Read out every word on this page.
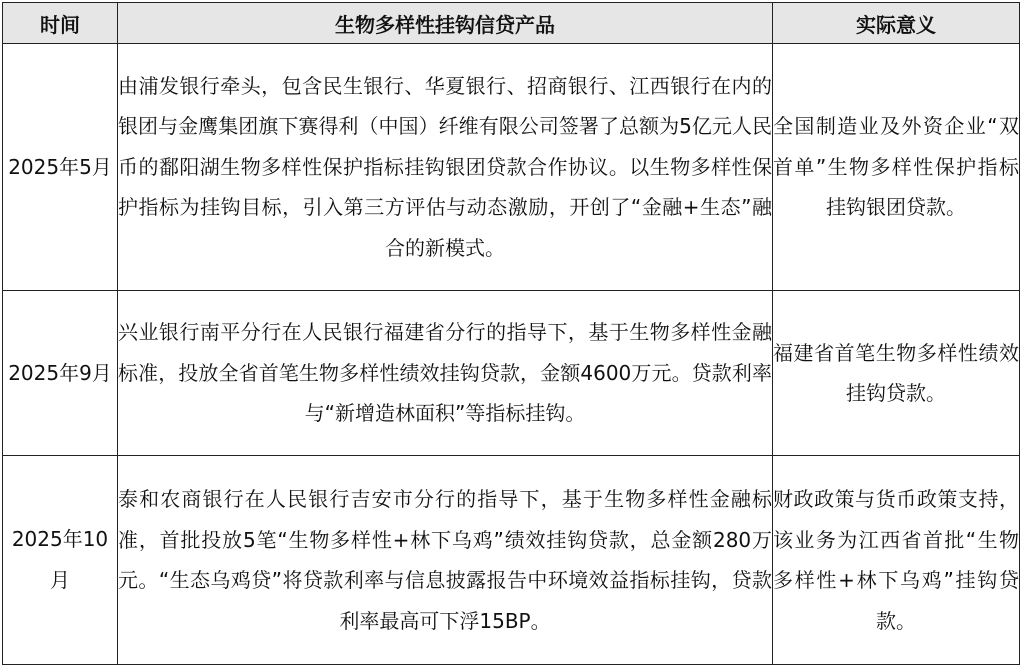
时间	生物多样性挂钩信贷产品	实际意义
2025年5月	由浦发银行牵头，包含民生银行、华夏银行、招商银行、江西银行在内的银团与金鹰集团旗下赛得利（中国）纤维有限公司签署了总额为5亿元人民币的鄱阳湖生物多样性保护指标挂钩银团贷款合作协议。以生物多样性保护指标为挂钩目标，引入第三方评估与动态激励，开创了“金融+生态”融合的新模式。	全国制造业及外资企业“双首单”生物多样性保护指标挂钩银团贷款。
2025年9月	兴业银行南平分行在人民银行福建省分行的指导下，基于生物多样性金融标准，投放全省首笔生物多样性绩效挂钩贷款，金额4600万元。贷款利率与“新增造林面积”等指标挂钩。	福建省首笔生物多样性绩效挂钩贷款。
2025年10月	泰和农商银行在人民银行吉安市分行的指导下，基于生物多样性金融标 准，首批投放5笔“生物多样性+林下乌鸡”绩效挂钩贷款，总金额280万元。“生态乌鸡贷”将贷款利率与信息披露报告中环境效益指标挂钩，贷款利率最高可下浮15BP。	财政政策与货币政策支持，该业务为江西省首批“生物多样性+林下乌鸡”挂钩贷款。
